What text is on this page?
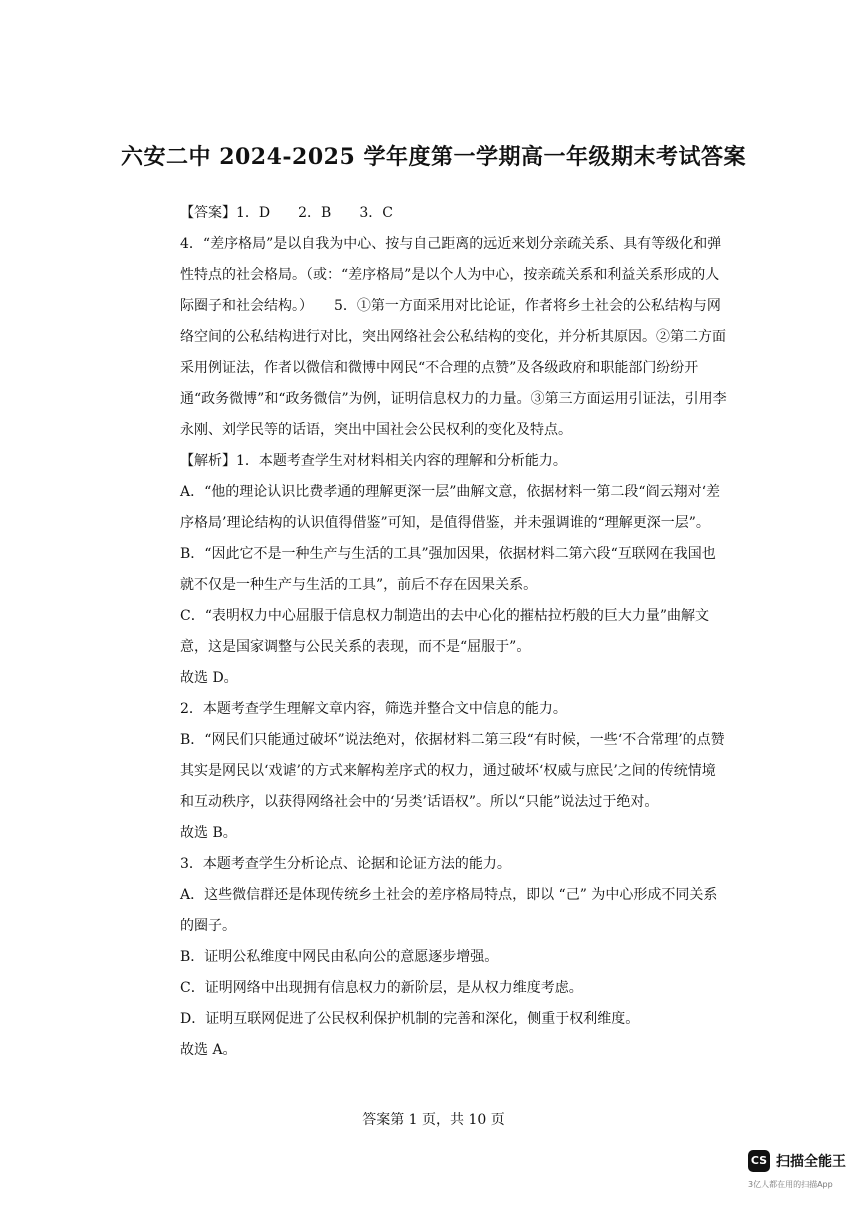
六安二中 2024-2025 学年度第一学期高一年级期末考试答案

【答案】1．D　　2．B　　3．C

4．“差序格局”是以自我为中心、按与自己距离的远近来划分亲疏关系、具有等级化和弹性特点的社会格局。（或：“差序格局”是以个人为中心，按亲疏关系和利益关系形成的人际圈子和社会结构。）　　5．①第一方面采用对比论证，作者将乡土社会的公私结构与网络空间的公私结构进行对比，突出网络社会公私结构的变化，并分析其原因。②第二方面采用例证法，作者以微信和微博中网民“不合理的点赞”及各级政府和职能部门纷纷开通“政务微博”和“政务微信”为例，证明信息权力的力量。③第三方面运用引证法，引用李永刚、刘学民等的话语，突出中国社会公民权利的变化及特点。

【解析】1．本题考查学生对材料相关内容的理解和分析能力。

A．“他的理论认识比费孝通的理解更深一层”曲解文意，依据材料一第二段“阎云翔对‘差序格局’理论结构的认识值得借鉴”可知，是值得借鉴，并未强调谁的“理解更深一层”。

B．“因此它不是一种生产与生活的工具”强加因果，依据材料二第六段“互联网在我国也就不仅是一种生产与生活的工具”，前后不存在因果关系。

C．“表明权力中心屈服于信息权力制造出的去中心化的摧枯拉朽般的巨大力量”曲解文意，这是国家调整与公民关系的表现，而不是“屈服于”。

故选 D。

2．本题考查学生理解文章内容，筛选并整合文中信息的能力。

B．“网民们只能通过破坏”说法绝对，依据材料二第三段“有时候，一些‘不合常理’的点赞其实是网民以‘戏谑’的方式来解构差序式的权力，通过破坏‘权威与庶民’之间的传统情境和互动秩序，以获得网络社会中的‘另类’话语权”。所以“只能”说法过于绝对。

故选 B。

3．本题考查学生分析论点、论据和论证方法的能力。

A．这些微信群还是体现传统乡土社会的差序格局特点，即以 “己” 为中心形成不同关系的圈子。

B．证明公私维度中网民由私向公的意愿逐步增强。

C．证明网络中出现拥有信息权力的新阶层，是从权力维度考虑。

D．证明互联网促进了公民权利保护机制的完善和深化，侧重于权利维度。

故选 A。

答案第 1 页，共 10 页
CS 扫描全能王
3亿人都在用的扫描App
